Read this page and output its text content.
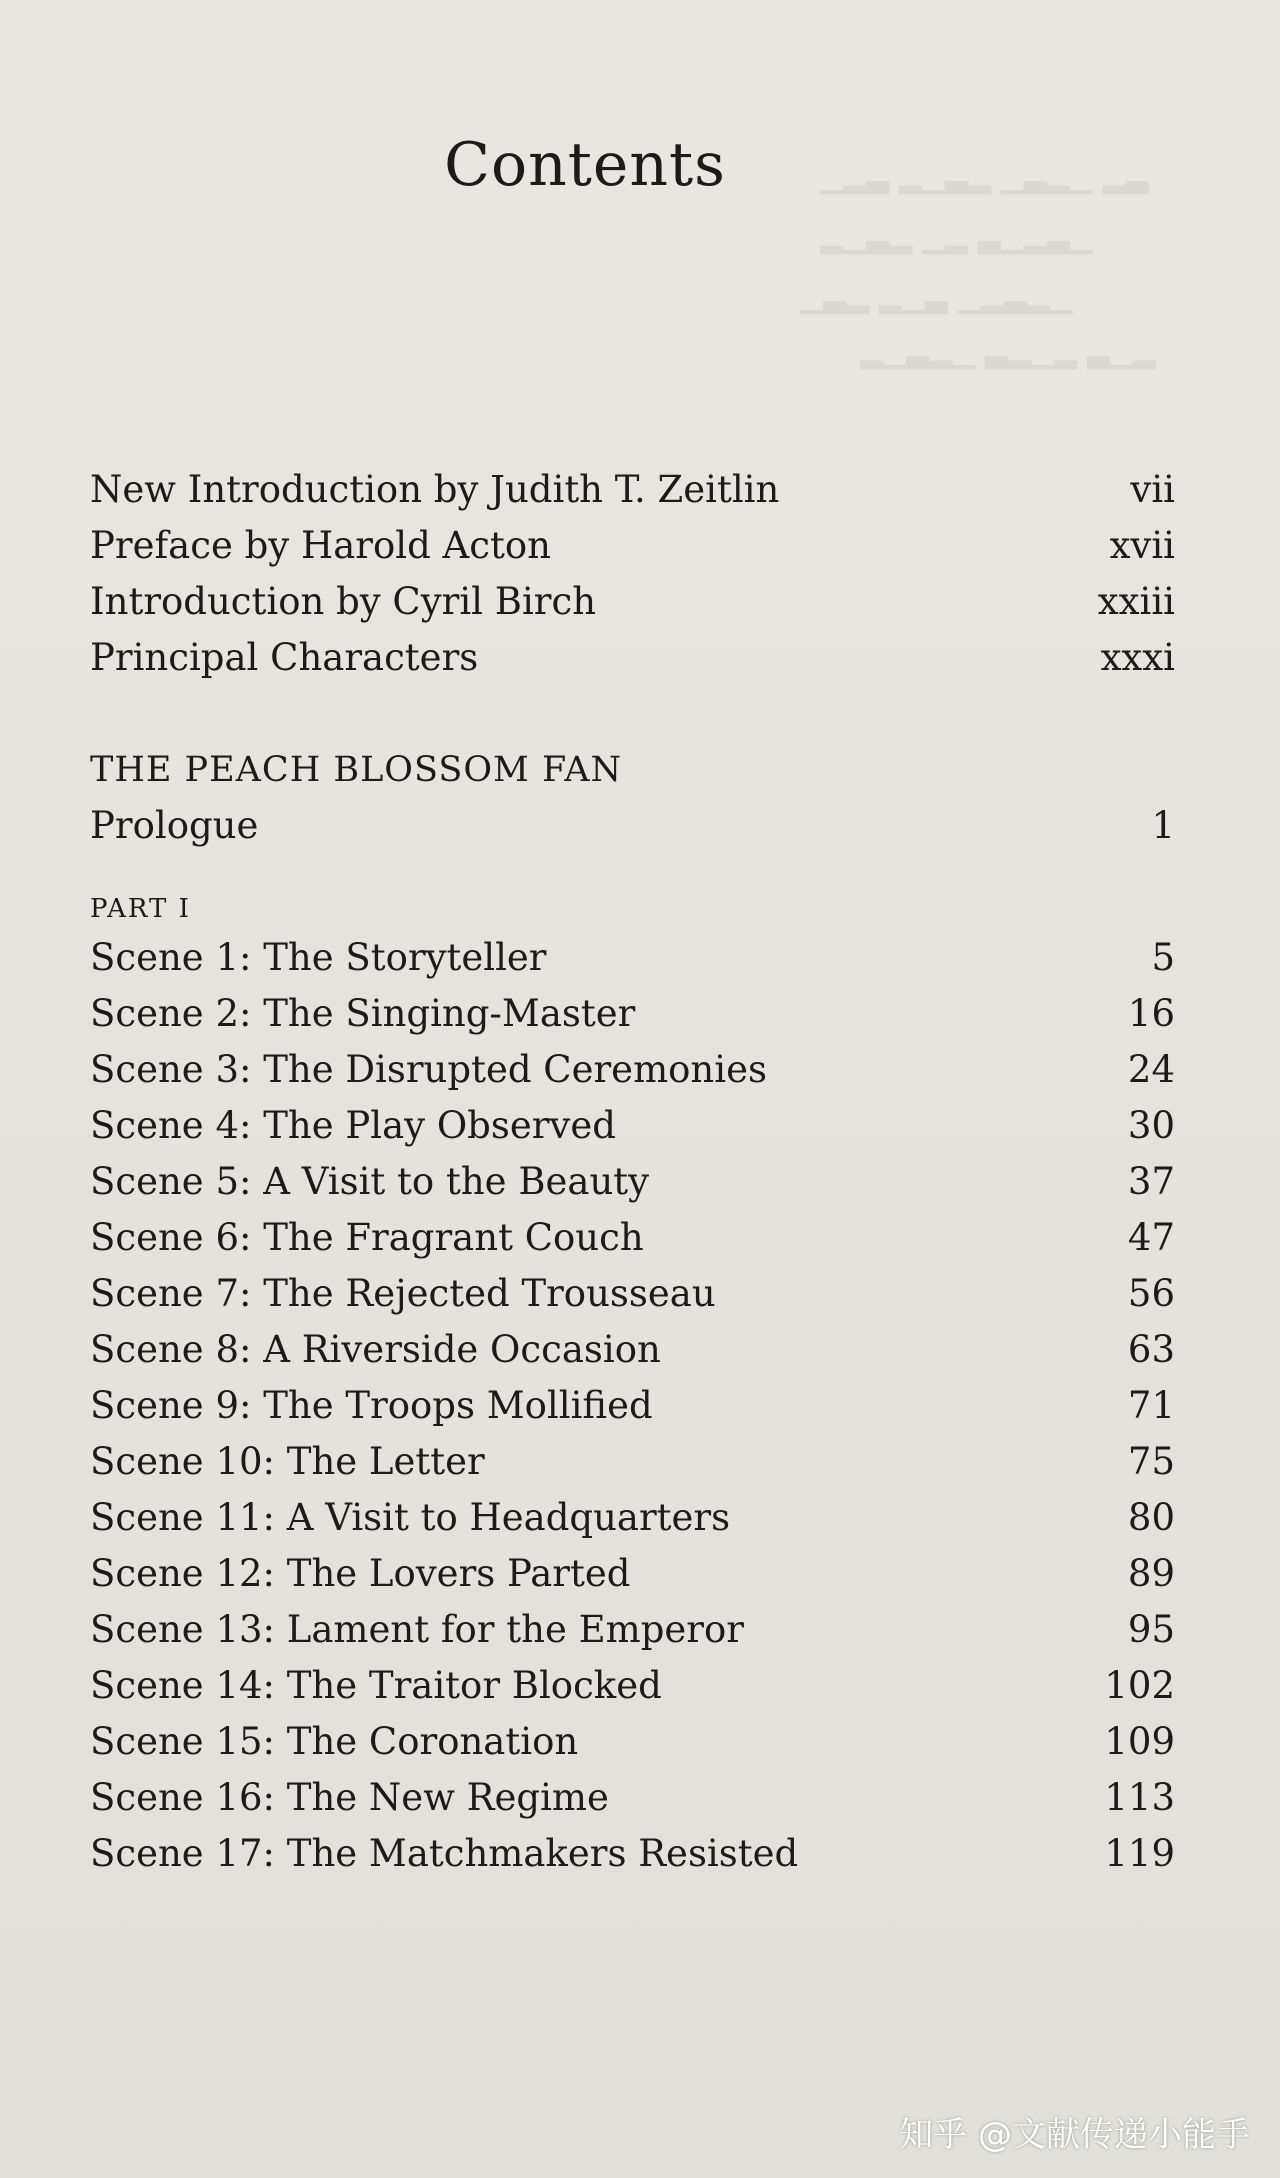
▁▂▃ ▂▁▃▂ ▁▃▂▁ ▂▃
▂▁▃▂ ▁▂ ▃▁▂▃▁
▁▃▂ ▂▁▃ ▁▂▃▂▁
▂▁▃▂▁ ▃▂▁▂ ▃▁▂
Contents
New Introduction by Judith T. Zeitlin	vii
Preface by Harold Acton	xvii
Introduction by Cyril Birch	xxiii
Principal Characters	xxxi
THE PEACH BLOSSOM FAN
Prologue	1
PART I
Scene 1: The Storyteller	5
Scene 2: The Singing-Master	16
Scene 3: The Disrupted Ceremonies	24
Scene 4: The Play Observed	30
Scene 5: A Visit to the Beauty	37
Scene 6: The Fragrant Couch	47
Scene 7: The Rejected Trousseau	56
Scene 8: A Riverside Occasion	63
Scene 9: The Troops Mollified	71
Scene 10: The Letter	75
Scene 11: A Visit to Headquarters	80
Scene 12: The Lovers Parted	89
Scene 13: Lament for the Emperor	95
Scene 14: The Traitor Blocked	102
Scene 15: The Coronation	109
Scene 16: The New Regime	113
Scene 17: The Matchmakers Resisted	119
知乎 @文献传递小能手
